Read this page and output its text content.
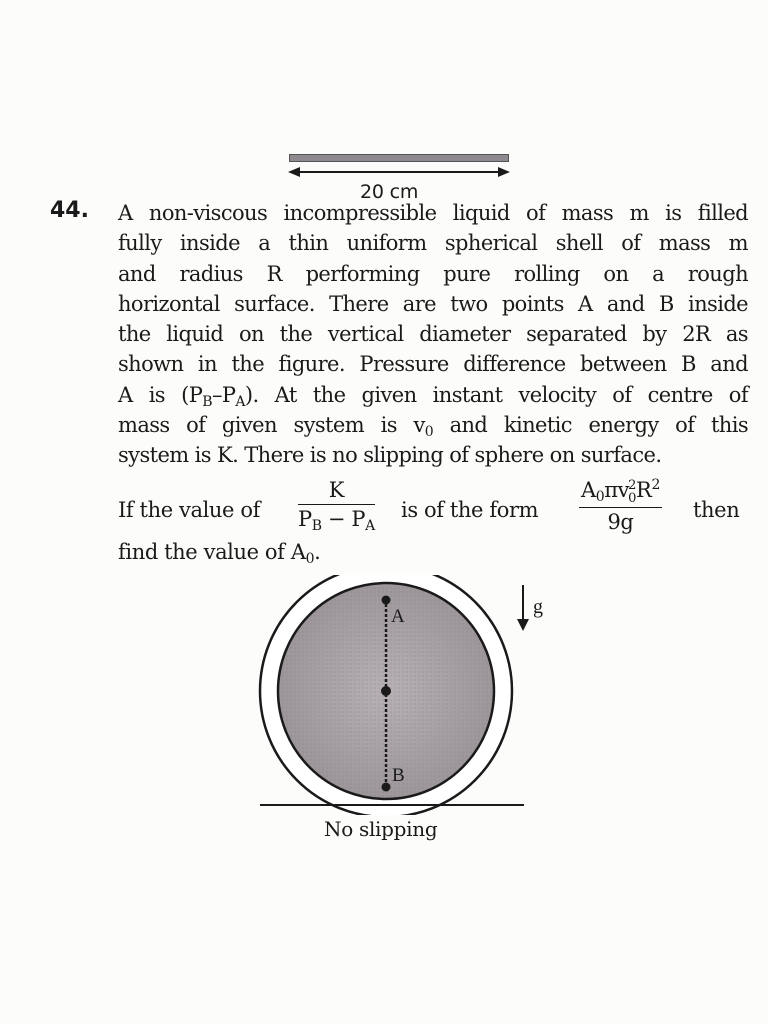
20 cm
44. A non-viscous incompressible liquid of mass m is filled
fully inside a thin uniform spherical shell of mass m
and radius R performing pure rolling on a rough
horizontal surface. There are two points A and B inside
the liquid on the vertical diameter separated by 2R as
shown in the figure. Pressure difference between B and
A is $(P_B-P_A)$. At the given instant velocity of centre of
mass of given system is $v_0$ and kinetic energy of this
system is K. There is no slipping of sphere on surface.
If the value of $\frac{K}{P_B - P_A}$ is of the form $A_0\pi v$ 2
0 $R^2$
9g then
find the value of $A_0$.
A
B
g
No slipping
